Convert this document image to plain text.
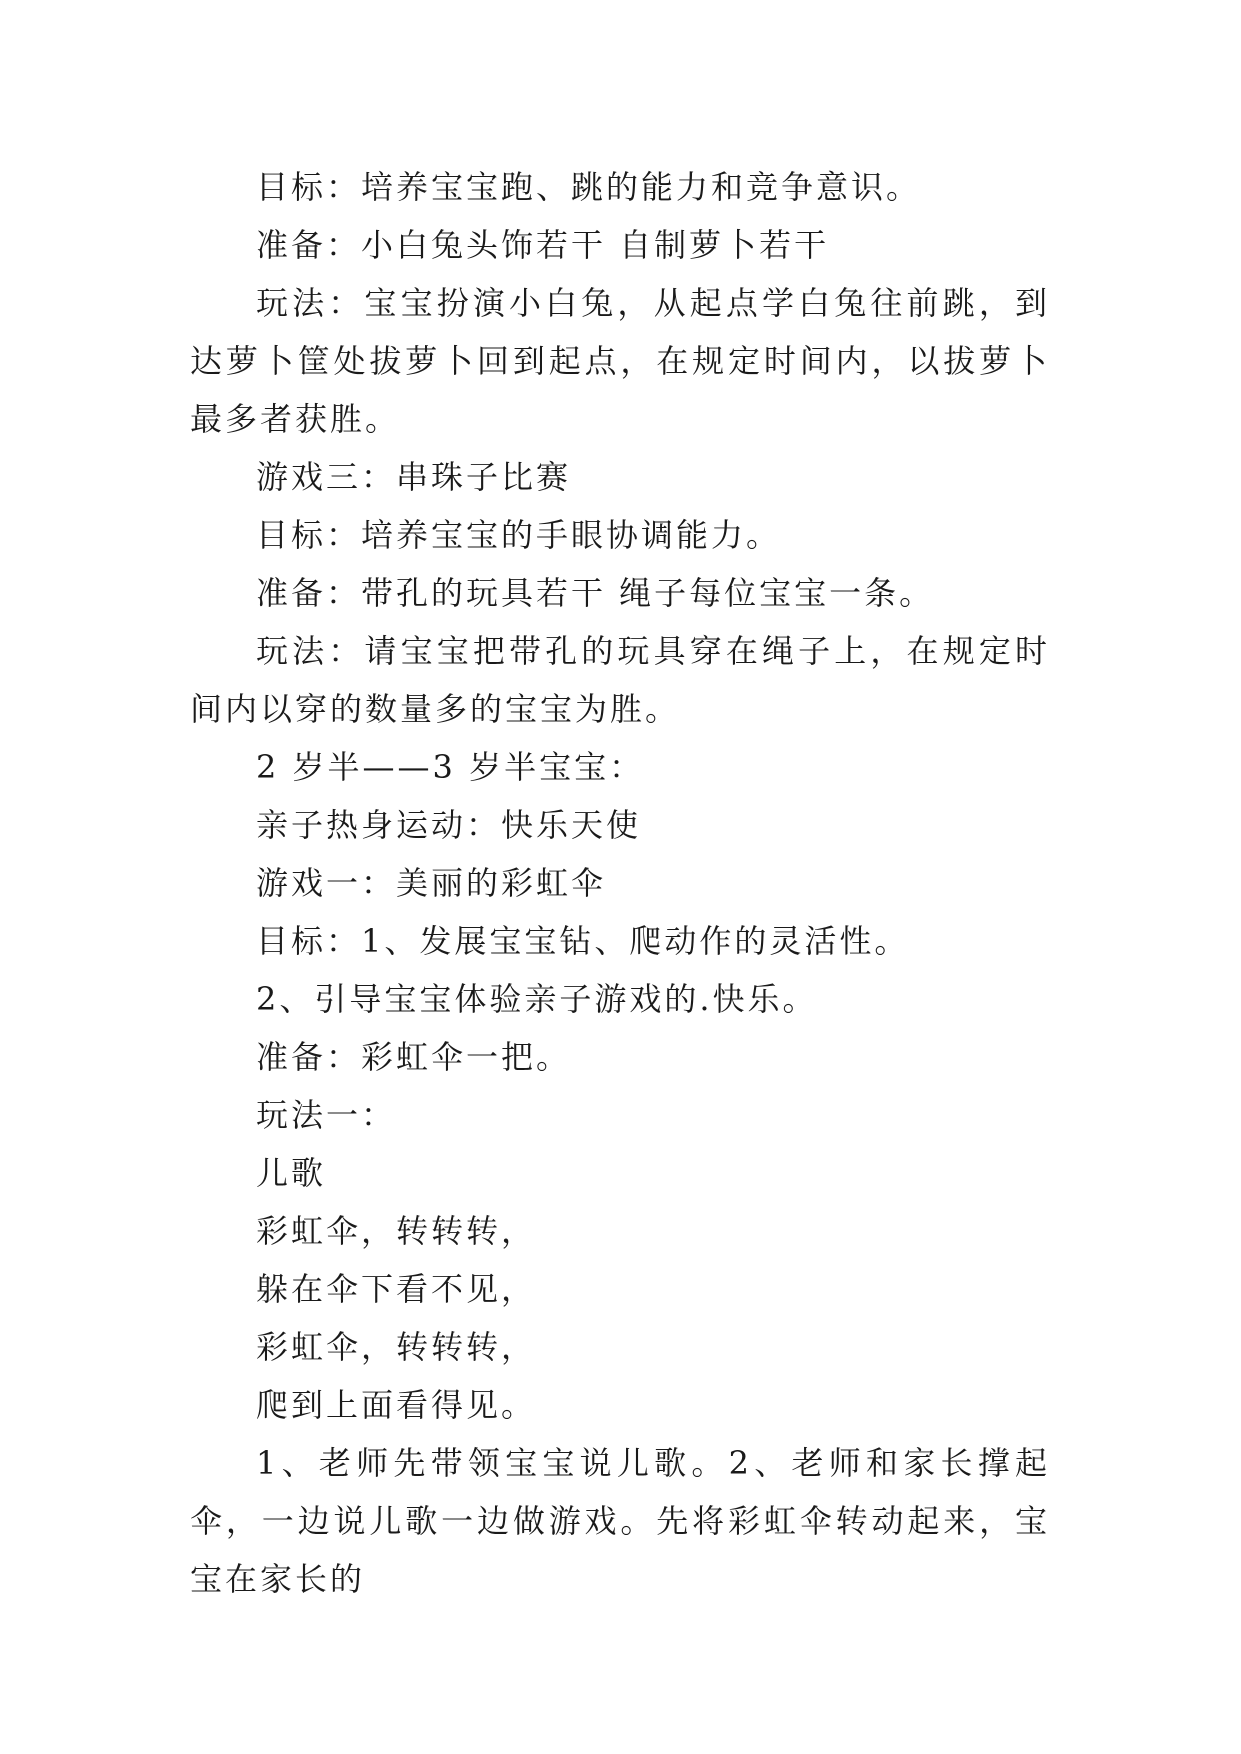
目标：培养宝宝跑、跳的能力和竞争意识。

准备：小白兔头饰若干 自制萝卜若干

玩法：宝宝扮演小白兔，从起点学白兔往前跳，到达萝卜筐处拔萝卜回到起点，在规定时间内，以拔萝卜最多者获胜。

游戏三：串珠子比赛

目标：培养宝宝的手眼协调能力。

准备：带孔的玩具若干 绳子每位宝宝一条。

玩法：请宝宝把带孔的玩具穿在绳子上，在规定时间内以穿的数量多的宝宝为胜。

2 岁半——3 岁半宝宝：

亲子热身运动：快乐天使

游戏一：美丽的彩虹伞

目标：1、发展宝宝钻、爬动作的灵活性。

2、引导宝宝体验亲子游戏的.快乐。

准备：彩虹伞一把。

玩法一：

儿歌

彩虹伞，转转转，

躲在伞下看不见，

彩虹伞，转转转，

爬到上面看得见。

1、老师先带领宝宝说儿歌。2、老师和家长撑起伞，一边说儿歌一边做游戏。先将彩虹伞转动起来，宝宝在家长的
